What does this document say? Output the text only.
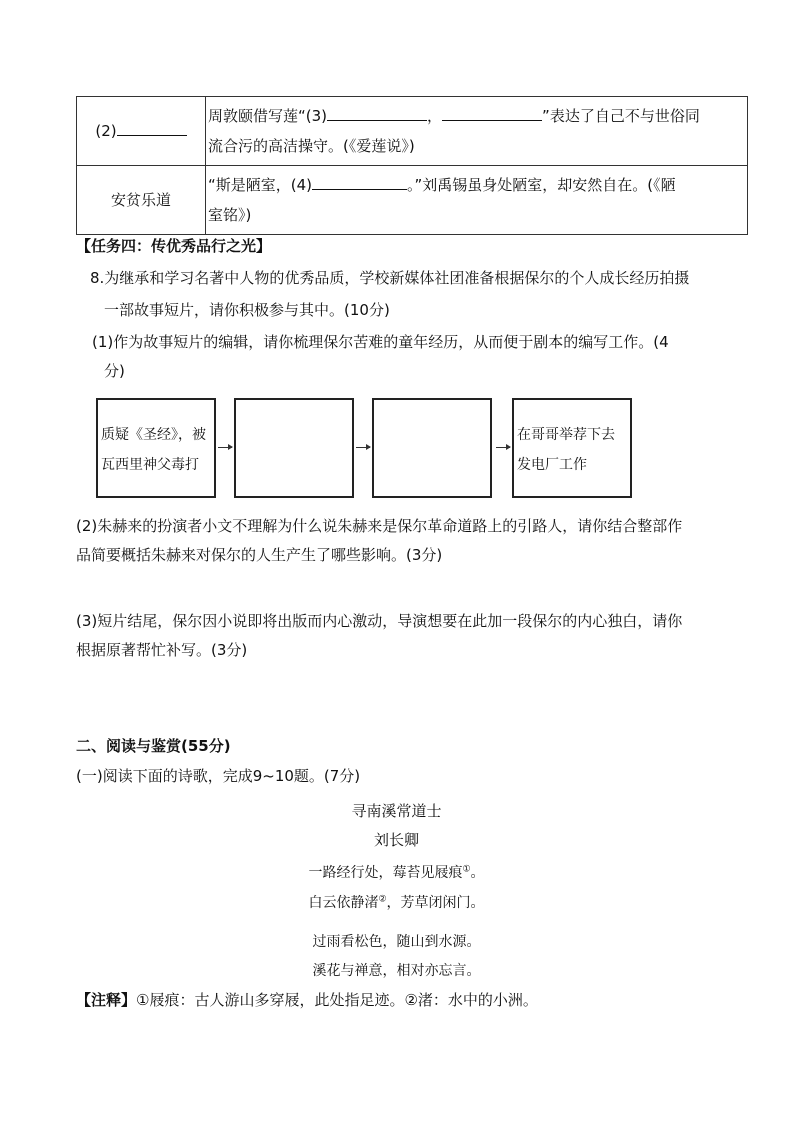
(2)	周敦颐借写莲“(3) ， ”表达了自己不与世俗同
流合污的高洁操守。(《爱莲说》)
安贫乐道	“斯是陋室，(4) 。”刘禹锡虽身处陋室，却安然自在。(《陋
室铭》)
【任务四：传优秀品行之光】
8.为继承和学习名著中人物的优秀品质，学校新媒体社团准备根据保尔的个人成长经历拍摄
一部故事短片，请你积极参与其中。(10分)
(1)作为故事短片的编辑，请你梳理保尔苦难的童年经历，从而便于剧本的编写工作。(4
分)
质疑《圣经》，被瓦西里神父毒打
在哥哥举荐下去发电厂工作
(2)朱赫来的扮演者小文不理解为什么说朱赫来是保尔革命道路上的引路人，请你结合整部作
品简要概括朱赫来对保尔的人生产生了哪些影响。(3分)
(3)短片结尾，保尔因小说即将出版而内心激动，导演想要在此加一段保尔的内心独白，请你
根据原著帮忙补写。(3分)
二、阅读与鉴赏(55分)
(一)阅读下面的诗歌，完成9~10题。(7分)
寻南溪常道士
刘长卿
一路经行处，莓苔见屐痕①。
白云依静渚②，芳草闭闲门。
过雨看松色，随山到水源。
溪花与禅意，相对亦忘言。
【注释】①屐痕：古人游山多穿屐，此处指足迹。②渚：水中的小洲。
